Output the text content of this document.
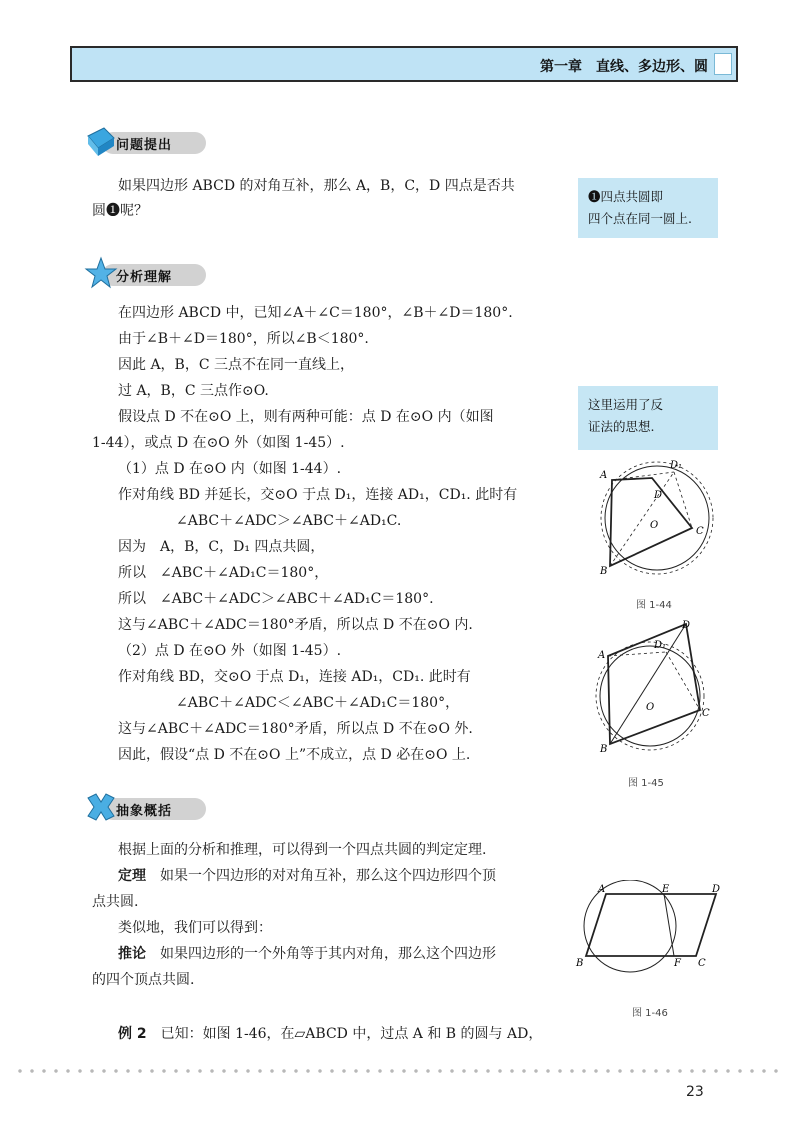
第一章　直线、多边形、圆
问题提出
如果四边形 ABCD 的对角互补，那么 A，B，C，D 四点是否共
圆❶呢？
❶四点共圆即
四个点在同一圆上.
分析理解
在四边形 ABCD 中，已知∠A＋∠C＝180°，∠B＋∠D＝180°.
由于∠B＋∠D＝180°，所以∠B＜180°.
因此 A，B，C 三点不在同一直线上，
过 A，B，C 三点作⊙O.
假设点 D 不在⊙O 上，则有两种可能：点 D 在⊙O 内（如图
1-44），或点 D 在⊙O 外（如图 1-45）.
（1）点 D 在⊙O 内（如图 1-44）.
作对角线 BD 并延长，交⊙O 于点 D₁，连接 AD₁，CD₁. 此时有
∠ABC＋∠ADC＞∠ABC＋∠AD₁C.
因为　A，B，C，D₁ 四点共圆，
所以　∠ABC＋∠AD₁C＝180°，
所以　∠ABC＋∠ADC＞∠ABC＋∠AD₁C＝180°.
这与∠ABC＋∠ADC＝180°矛盾，所以点 D 不在⊙O 内.
（2）点 D 在⊙O 外（如图 1-45）.
作对角线 BD，交⊙O 于点 D₁，连接 AD₁，CD₁. 此时有
∠ABC＋∠ADC＜∠ABC＋∠AD₁C＝180°，
这与∠ABC＋∠ADC＝180°矛盾，所以点 D 不在⊙O 外.
因此，假设“点 D 不在⊙O 上”不成立，点 D 必在⊙O 上.
这里运用了反
证法的思想.
A
B
C
D
D₁
O
图 1-44
A
B
C
D
D₁
O
图 1-45
抽象概括
根据上面的分析和推理，可以得到一个四点共圆的判定定理.
定理　 如果一个四边形的对对角互补，那么这个四边形四个顶
点共圆.
类似地，我们可以得到：
推论　 如果四边形的一个外角等于其内对角，那么这个四边形
的四个顶点共圆.
例 2　 已知：如图 1-46，在▱ABCD 中，过点 A 和 B 的圆与 AD，
A	E	D
B	F C
图 1-46
23
